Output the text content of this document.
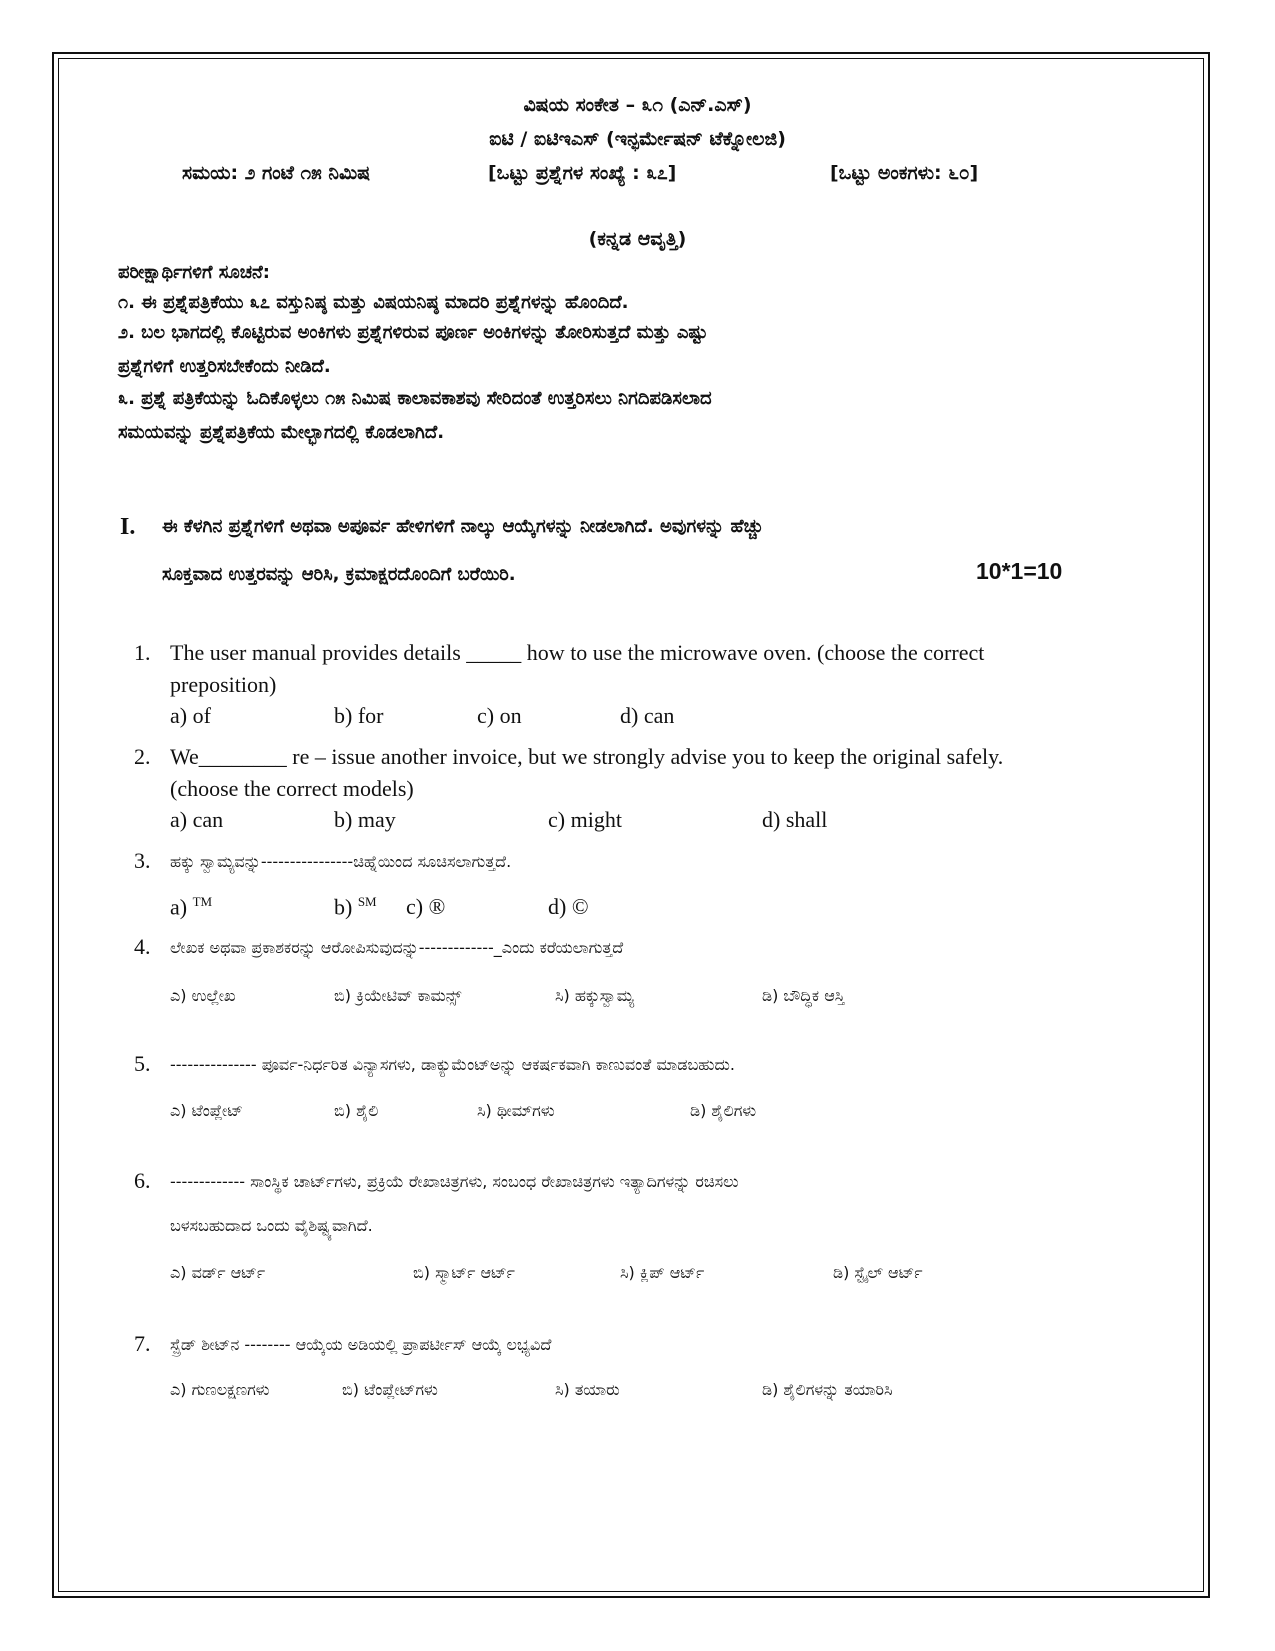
ವಿಷಯ ಸಂಕೇತ – ೩೧ (ಎನ್.ಎಸ್)
ಐಟಿ / ಐಟಿಇಎಸ್ (ಇನ್ಫರ್ಮೇಷನ್ ಟೆಕ್ನೋಲಜಿ)
ಸಮಯ: ೨ ಗಂಟೆ ೧೫ ನಿಮಿಷ	[ಒಟ್ಟು ಪ್ರಶ್ನೆಗಳ ಸಂಖ್ಯೆ : ೩೭]	[ಒಟ್ಟು ಅಂಕಗಳು: ೬೦]
(ಕನ್ನಡ ಆವೃತ್ತಿ)
ಪರೀಕ್ಷಾರ್ಥಿಗಳಿಗೆ ಸೂಚನೆ:
೧. ಈ ಪ್ರಶ್ನೆಪತ್ರಿಕೆಯು ೩೭ ವಸ್ತುನಿಷ್ಠ ಮತ್ತು ವಿಷಯನಿಷ್ಠ ಮಾದರಿ ಪ್ರಶ್ನೆಗಳನ್ನು ಹೊಂದಿದೆ.
೨. ಬಲ ಭಾಗದಲ್ಲಿ ಕೊಟ್ಟಿರುವ ಅಂಕಿಗಳು ಪ್ರಶ್ನೆಗಳಿರುವ ಪೂರ್ಣ ಅಂಕಿಗಳನ್ನು ತೋರಿಸುತ್ತದೆ ಮತ್ತು ಎಷ್ಟು
ಪ್ರಶ್ನೆಗಳಿಗೆ ಉತ್ತರಿಸಬೇಕೆಂದು ನೀಡಿದೆ.
೩. ಪ್ರಶ್ನೆ ಪತ್ರಿಕೆಯನ್ನು ಓದಿಕೊಳ್ಳಲು ೧೫ ನಿಮಿಷ ಕಾಲಾವಕಾಶವು ಸೇರಿದಂತೆ ಉತ್ತರಿಸಲು ನಿಗದಿಪಡಿಸಲಾದ
ಸಮಯವನ್ನು ಪ್ರಶ್ನೆಪತ್ರಿಕೆಯ ಮೇಲ್ಭಾಗದಲ್ಲಿ ಕೊಡಲಾಗಿದೆ.
I. ಈ ಕೆಳಗಿನ ಪ್ರಶ್ನೆಗಳಿಗೆ ಅಥವಾ ಅಪೂರ್ವ ಹೇಳಿಗಳಿಗೆ ನಾಲ್ಕು ಆಯ್ಕೆಗಳನ್ನು ನೀಡಲಾಗಿದೆ. ಅವುಗಳನ್ನು ಹೆಚ್ಚು
ಸೂಕ್ತವಾದ ಉತ್ತರವನ್ನು ಆರಿಸಿ, ಕ್ರಮಾಕ್ಷರದೊಂದಿಗೆ ಬರೆಯಿರಿ.	10*1=10
1. The user manual provides details _____ how to use the microwave oven. (choose the correct
preposition)
a) of	b) for	c) on	d) can
2. We________ re – issue another invoice, but we strongly advise you to keep the original safely.
(choose the correct models)
a) can	b) may	c) might	d) shall
3. ಹಕ್ಕು ಸ್ವಾಮ್ಯವನ್ನು----------------ಚಿಹ್ನೆಯಿಂದ ಸೂಚಿಸಲಾಗುತ್ತದೆ.
a) ™	b) ℠ c) ®	d) ©
4. ಲೇಖಕ ಅಥವಾ ಪ್ರಕಾಶಕರನ್ನು ಆರೋಪಿಸುವುದನ್ನು-------------_ಎಂದು ಕರೆಯಲಾಗುತ್ತದೆ
ಎ) ಉಲ್ಲೇಖ	ಬಿ) ಕ್ರಿಯೇಟಿವ್ ಕಾಮನ್ಸ್	ಸಿ) ಹಕ್ಕುಸ್ವಾಮ್ಯ	ಡಿ) ಬೌದ್ಧಿಕ ಆಸ್ತಿ
5. --------------- ಪೂರ್ವ-ನಿರ್ಧರಿತ ವಿನ್ಯಾಸಗಳು, ಡಾಕ್ಯುಮೆಂಟ್‌ಅನ್ನು ಆಕರ್ಷಕವಾಗಿ ಕಾಣುವಂತೆ ಮಾಡಬಹುದು.
ಎ) ಟೆಂಪ್ಲೇಟ್	ಬಿ) ಶೈಲಿ	ಸಿ) ಥೀಮ್‌ಗಳು	ಡಿ) ಶೈಲಿಗಳು
6. ------------- ಸಾಂಸ್ಥಿಕ ಚಾರ್ಟ್‌ಗಳು, ಪ್ರಕ್ರಿಯೆ ರೇಖಾಚಿತ್ರಗಳು, ಸಂಬಂಧ ರೇಖಾಚಿತ್ರಗಳು ಇತ್ಯಾದಿಗಳನ್ನು ರಚಿಸಲು
ಬಳಸಬಹುದಾದ ಒಂದು ವೈಶಿಷ್ಟ್ಯವಾಗಿದೆ.
ಎ) ವರ್ಡ್ ಆರ್ಟ್	ಬಿ) ಸ್ಮಾರ್ಟ್ ಆರ್ಟ್	ಸಿ) ಕ್ಲಿಪ್ ಆರ್ಟ್	ಡಿ) ಸ್ಟೈಲ್ ಆರ್ಟ್
7. ಸ್ಪ್ರೆಡ್ ಶೀಟ್‌ನ -------- ಆಯ್ಕೆಯ ಅಡಿಯಲ್ಲಿ ಪ್ರಾಪರ್ಟೀಸ್ ಆಯ್ಕೆ ಲಭ್ಯವಿದೆ
ಎ) ಗುಣಲಕ್ಷಣಗಳು	ಬಿ) ಟೆಂಪ್ಲೇಟ್‌ಗಳು	ಸಿ) ತಯಾರು	ಡಿ) ಶೈಲಿಗಳನ್ನು ತಯಾರಿಸಿ
